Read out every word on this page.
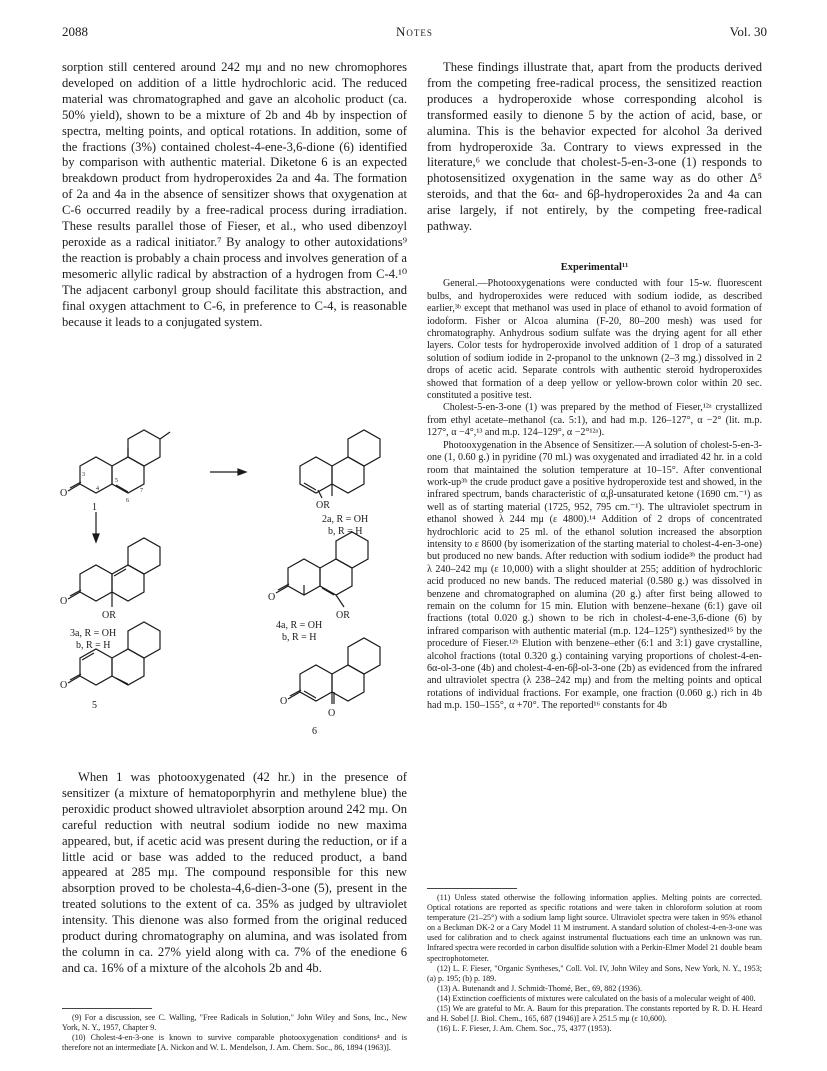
2088	Notes	Vol. 30

sorption still centered around 242 mμ and no new chromophores developed on addition of a little hydrochloric acid. The reduced material was chromatographed and gave an alcoholic product (ca. 50% yield), shown to be a mixture of 2b and 4b by inspection of spectra, melting points, and optical rotations. In addition, some of the fractions (3%) contained cholest-4-ene-3,6-dione (6) identified by comparison with authentic material. Diketone 6 is an expected breakdown product from hydroperoxides 2a and 4a. The formation of 2a and 4a in the absence of sensitizer shows that oxygenation at C-6 occurred readily by a free-radical process during irradiation. These results parallel those of Fieser, et al., who used dibenzoyl peroxide as a radical initiator.⁷ By analogy to other autoxidations⁹ the reaction is probably a chain process and involves generation of a mesomeric allylic radical by abstraction of a hydrogen from C-4.¹⁰ The adjacent carbonyl group should facilitate this abstraction, and final oxygen attachment to C-6, in preference to C-4, is reasonable because it leads to a conjugated system.

O
3
4
5
6
7
1	OR
2a, R = OH
b, R = H
O
OR
3a, R = OH
b, R = H
O
OR
4a, R = OH
b, R = H
O
5	O
O
6

When 1 was photooxygenated (42 hr.) in the presence of sensitizer (a mixture of hematoporphyrin and methylene blue) the peroxidic product showed ultraviolet absorption around 242 mμ. On careful reduction with neutral sodium iodide no new maxima appeared, but, if acetic acid was present during the reduction, or if a little acid or base was added to the reduced product, a band appeared at 285 mμ. The compound responsible for this new absorption proved to be cholesta-4,6-dien-3-one (5), present in the treated solutions to the extent of ca. 35% as judged by ultraviolet intensity. This dienone was also formed from the original reduced product during chromatography on alumina, and was isolated from the column in ca. 27% yield along with ca. 7% of the enedione 6 and ca. 16% of a mixture of the alcohols 2b and 4b.

(9) For a discussion, see C. Walling, "Free Radicals in Solution," John Wiley and Sons, Inc., New York, N. Y., 1957, Chapter 9.

(10) Cholest-4-en-3-one is known to survive comparable photooxygenation conditions⁴ and is therefore not an intermediate [A. Nickon and W. L. Mendelson, J. Am. Chem. Soc., 86, 1894 (1963)].

These findings illustrate that, apart from the products derived from the competing free-radical process, the sensitized reaction produces a hydroperoxide whose corresponding alcohol is transformed easily to dienone 5 by the action of acid, base, or alumina. This is the behavior expected for alcohol 3a derived from hydroperoxide 3a. Contrary to views expressed in the literature,⁶ we conclude that cholest-5-en-3-one (1) responds to photosensitized oxygenation in the same way as do other Δ⁵ steroids, and that the 6α- and 6β-hydroperoxides 2a and 4a can arise largely, if not entirely, by the competing free-radical pathway.

Experimental¹¹

General.—Photooxygenations were conducted with four 15-w. fluorescent bulbs, and hydroperoxides were reduced with sodium iodide, as described earlier,³ᵇ except that methanol was used in place of ethanol to avoid formation of iodoform. Fisher or Alcoa alumina (F-20, 80–200 mesh) was used for chromatography. Anhydrous sodium sulfate was the drying agent for all ether layers. Color tests for hydroperoxide involved addition of 1 drop of a saturated solution of sodium iodide in 2-propanol to the unknown (2–3 mg.) dissolved in 2 drops of acetic acid. Separate controls with authentic steroid hydroperoxides showed that formation of a deep yellow or yellow-brown color within 20 sec. constituted a positive test.

Cholest-5-en-3-one (1) was prepared by the method of Fieser,¹²ᵃ crystallized from ethyl acetate–methanol (ca. 5:1), and had m.p. 126–127°, α −2° (lit. m.p. 127°, α −4°,¹³ and m.p. 124–129°, α −2°¹²ᵃ).

Photooxygenation in the Absence of Sensitizer.—A solution of cholest-5-en-3-one (1, 0.60 g.) in pyridine (70 ml.) was oxygenated and irradiated 42 hr. in a cold room that maintained the solution temperature at 10–15°. After conventional work-up³ᵇ the crude product gave a positive hydroperoxide test and showed, in the infrared spectrum, bands characteristic of α,β-unsaturated ketone (1690 cm.⁻¹) as well as of starting material (1725, 952, 795 cm.⁻¹). The ultraviolet spectrum in ethanol showed λ 244 mμ (ε 4800).¹⁴ Addition of 2 drops of concentrated hydrochloric acid to 25 ml. of the ethanol solution increased the absorption intensity to ε 8600 (by isomerization of the starting material to cholest-4-en-3-one) but produced no new bands. After reduction with sodium iodide³ᵇ the product had λ 240–242 mμ (ε 10,000) with a slight shoulder at 255; addition of hydrochloric acid produced no new bands. The reduced material (0.580 g.) was dissolved in benzene and chromatographed on alumina (20 g.) after first being allowed to remain on the column for 15 min. Elution with benzene–hexane (6:1) gave oil fractions (total 0.020 g.) shown to be rich in cholest-4-ene-3,6-dione (6) by infrared comparison with authentic material (m.p. 124–125°) synthesized¹⁵ by the procedure of Fieser.¹²ᵇ Elution with benzene–ether (6:1 and 3:1) gave crystalline, alcohol fractions (total 0.320 g.) containing varying proportions of cholest-4-en-6α-ol-3-one (4b) and cholest-4-en-6β-ol-3-one (2b) as evidenced from the infrared and ultraviolet spectra (λ 238–242 mμ) and from the melting points and optical rotations of individual fractions. For example, one fraction (0.060 g.) rich in 4b had m.p. 150–155°, α +70°. The reported¹⁶ constants for 4b

(11) Unless stated otherwise the following information applies. Melting points are corrected. Optical rotations are reported as specific rotations and were taken in chloroform solution at room temperature (21–25°) with a sodium lamp light source. Ultraviolet spectra were taken in 95% ethanol on a Beckman DK-2 or a Cary Model 11 M instrument. A standard solution of cholest-4-en-3-one was used for calibration and to check against instrumental fluctuations each time an unknown was run. Infrared spectra were recorded in carbon disulfide solution with a Perkin-Elmer Model 21 double beam spectrophotometer.

(12) L. F. Fieser, "Organic Syntheses," Coll. Vol. IV, John Wiley and Sons, New York, N. Y., 1953; (a) p. 195; (b) p. 189.

(13) A. Butenandt and J. Schmidt-Thomé, Ber., 69, 882 (1936).

(14) Extinction coefficients of mixtures were calculated on the basis of a molecular weight of 400.

(15) We are grateful to Mr. A. Baum for this preparation. The constants reported by R. D. H. Heard and H. Sobel [J. Biol. Chem., 165, 687 (1946)] are λ 251.5 mμ (ε 10,600).

(16) L. F. Fieser, J. Am. Chem. Soc., 75, 4377 (1953).
